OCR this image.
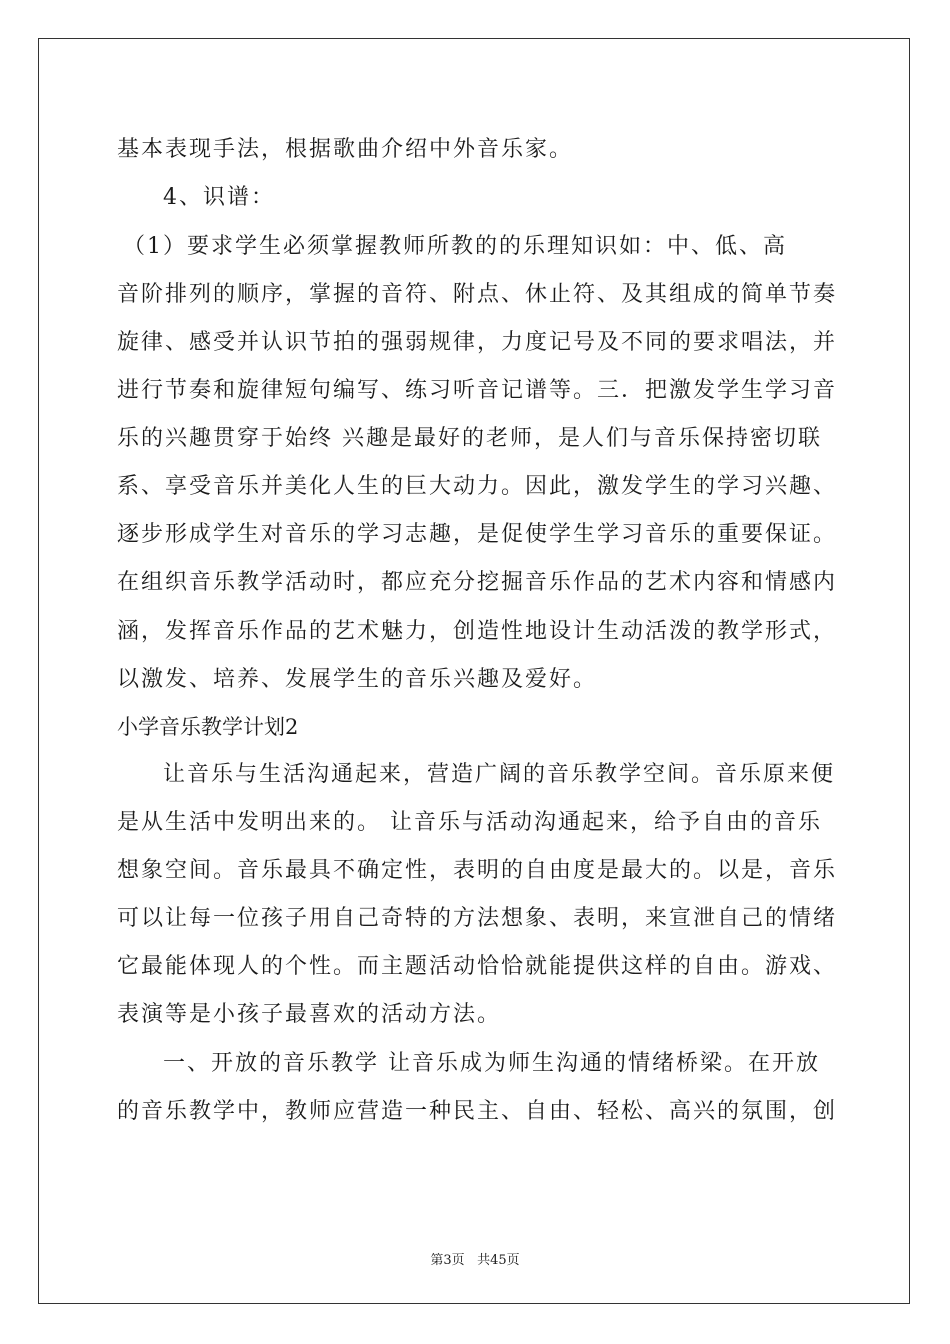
基本表现手法，根据歌曲介绍中外音乐家。
4、识谱：
（1）要求学生必须掌握教师所教的的乐理知识如：中、低、高
音阶排列的顺序，掌握的音符、附点、休止符、及其组成的简单节奏
旋律、感受并认识节拍的强弱规律，力度记号及不同的要求唱法，并
进行节奏和旋律短句编写、练习听音记谱等。三．把激发学生学习音
乐的兴趣贯穿于始终 兴趣是最好的老师，是人们与音乐保持密切联
系、享受音乐并美化人生的巨大动力。因此，激发学生的学习兴趣、
逐步形成学生对音乐的学习志趣，是促使学生学习音乐的重要保证。
在组织音乐教学活动时，都应充分挖掘音乐作品的艺术内容和情感内
涵，发挥音乐作品的艺术魅力，创造性地设计生动活泼的教学形式，
以激发、培养、发展学生的音乐兴趣及爱好。
小学音乐教学计划2
让音乐与生活沟通起来，营造广阔的音乐教学空间。音乐原来便
是从生活中发明出来的。 让音乐与活动沟通起来，给予自由的音乐
想象空间。音乐最具不确定性，表明的自由度是最大的。以是，音乐
可以让每一位孩子用自己奇特的方法想象、表明，来宣泄自己的情绪
它最能体现人的个性。而主题活动恰恰就能提供这样的自由。游戏、
表演等是小孩子最喜欢的活动方法。
一、开放的音乐教学 让音乐成为师生沟通的情绪桥梁。在开放
的音乐教学中，教师应营造一种民主、自由、轻松、高兴的氛围，创
第3页 共45页
